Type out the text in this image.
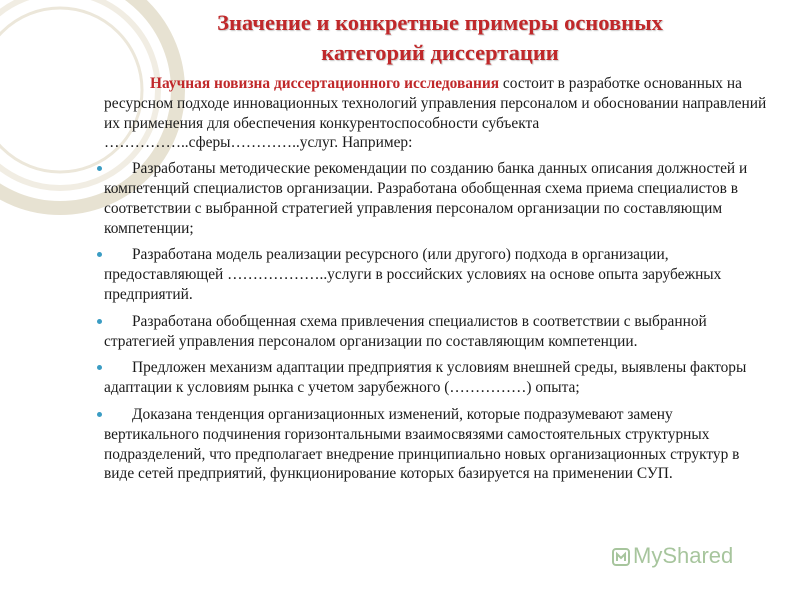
Значение и конкретные примеры основных
категорий диссертации

Научная новизна диссертационного исследования состоит в разработке основанных на ресурсном подходе инновационных технологий управления персоналом и обосновании направлений их применения для обеспечения конкурентоспособности субъекта ……………..сферы…………..услуг. Например:

Разработаны методические рекомендации по созданию банка данных описания должностей и компетенций специалистов организации. Разработана обобщенная схема приема специалистов в соответствии с выбранной стратегией управления персоналом организации по составляющим компетенции;
Разработана модель реализации ресурсного (или другого) подхода в организации, предоставляющей ………………..услуги в российских условиях на основе опыта зарубежных предприятий.
Разработана обобщенная схема привлечения специалистов в соответствии с выбранной стратегией управления персоналом организации по составляющим компетенции.
Предложен механизм адаптации предприятия к условиям внешней среды, выявлены факторы адаптации к условиям рынка с учетом зарубежного (……………) опыта;
Доказана тенденция организационных изменений, которые подразумевают замену вертикального подчинения горизонтальными взаимосвязями самостоятельных структурных подразделений, что предполагает внедрение принципиально новых организационных структур в виде сетей предприятий, функционирование которых базируется на применении СУП.
MyShared
